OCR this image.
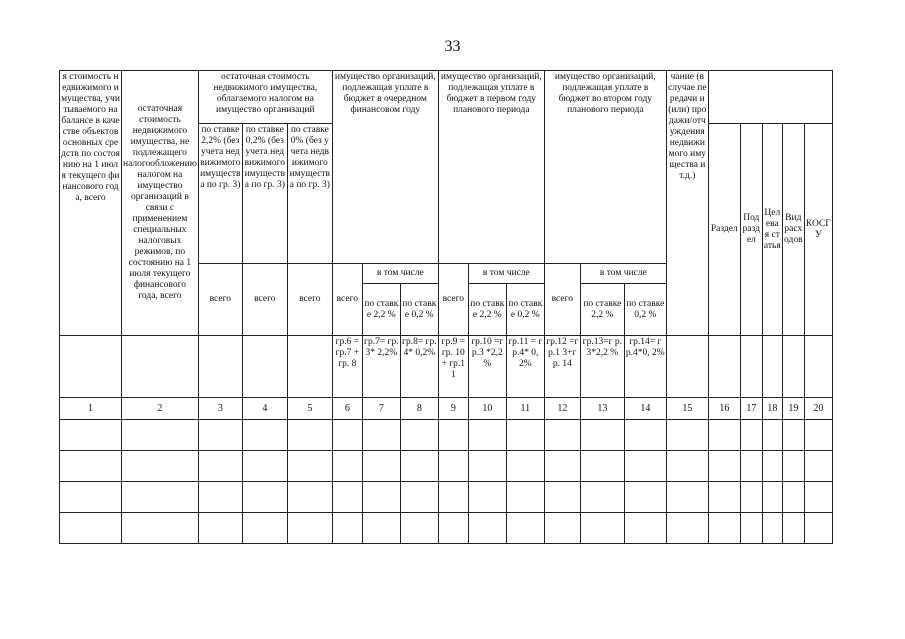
33
я стоимость недвижимого имущества, учитываемого на балансе в качестве объектов основных средств по состоянию на 1 июля текущего финансового года, всего	остаточная стоимость недвижимого имущества, не подлежащего налогообложению налогом на имущество организаций в связи с применением специальных налоговых режимов, по состоянию на 1 июля текущего финансового года, всего	остаточная стоимость недвижимого имущества, облагаемого налогом на имущество организаций			имущество организаций, подлежащая уплате в бюджет в очередном финансовом году			имущество организаций, подлежащая уплате в бюджет в первом году планового периода			имущество организаций, подлежащая уплате в бюджет во втором году планового периода			чание (в случае передачи и (или) продажи/отчуждения недвижимого имущества и т.д.)					
		по ставке 2,2% (без учета недвижимого имущества по гр. 3)	по ставке 0,2% (без учета недвижимого имущества по гр. 3)	по ставке 0% (без учета недвижимого имущества по гр. 3)											Раздел	Подраздел	Целевая статья	Вид расходов	КОСГУ
		всего	всего	всего	всего	в том числе		всего	в том числе		всего	в том числе							
						по ставке 2,2 %	по ставке 0,2 %		по ставке 2,2 %	по ставке 0,2 %		по ставке 2,2 %	по ставке 0,2 %						
					гр.6 = гр.7 +гр. 8	гр.7= гр.3* 2,2%	гр.8= гр.4* 0,2%	гр.9 =гр. 10+ гр.1 1	гр.10 =гр.3 *2,2 %	гр.11 = гр.4* 0,2%	гр.12 =гр.1 3+гр. 14	гр.13=г р.3*2,2 %	гр.14= гр.4*0, 2%						
1	2	3	4	5	6	7	8	9	10	11	12	13	14	15	16	17	18	19	20
